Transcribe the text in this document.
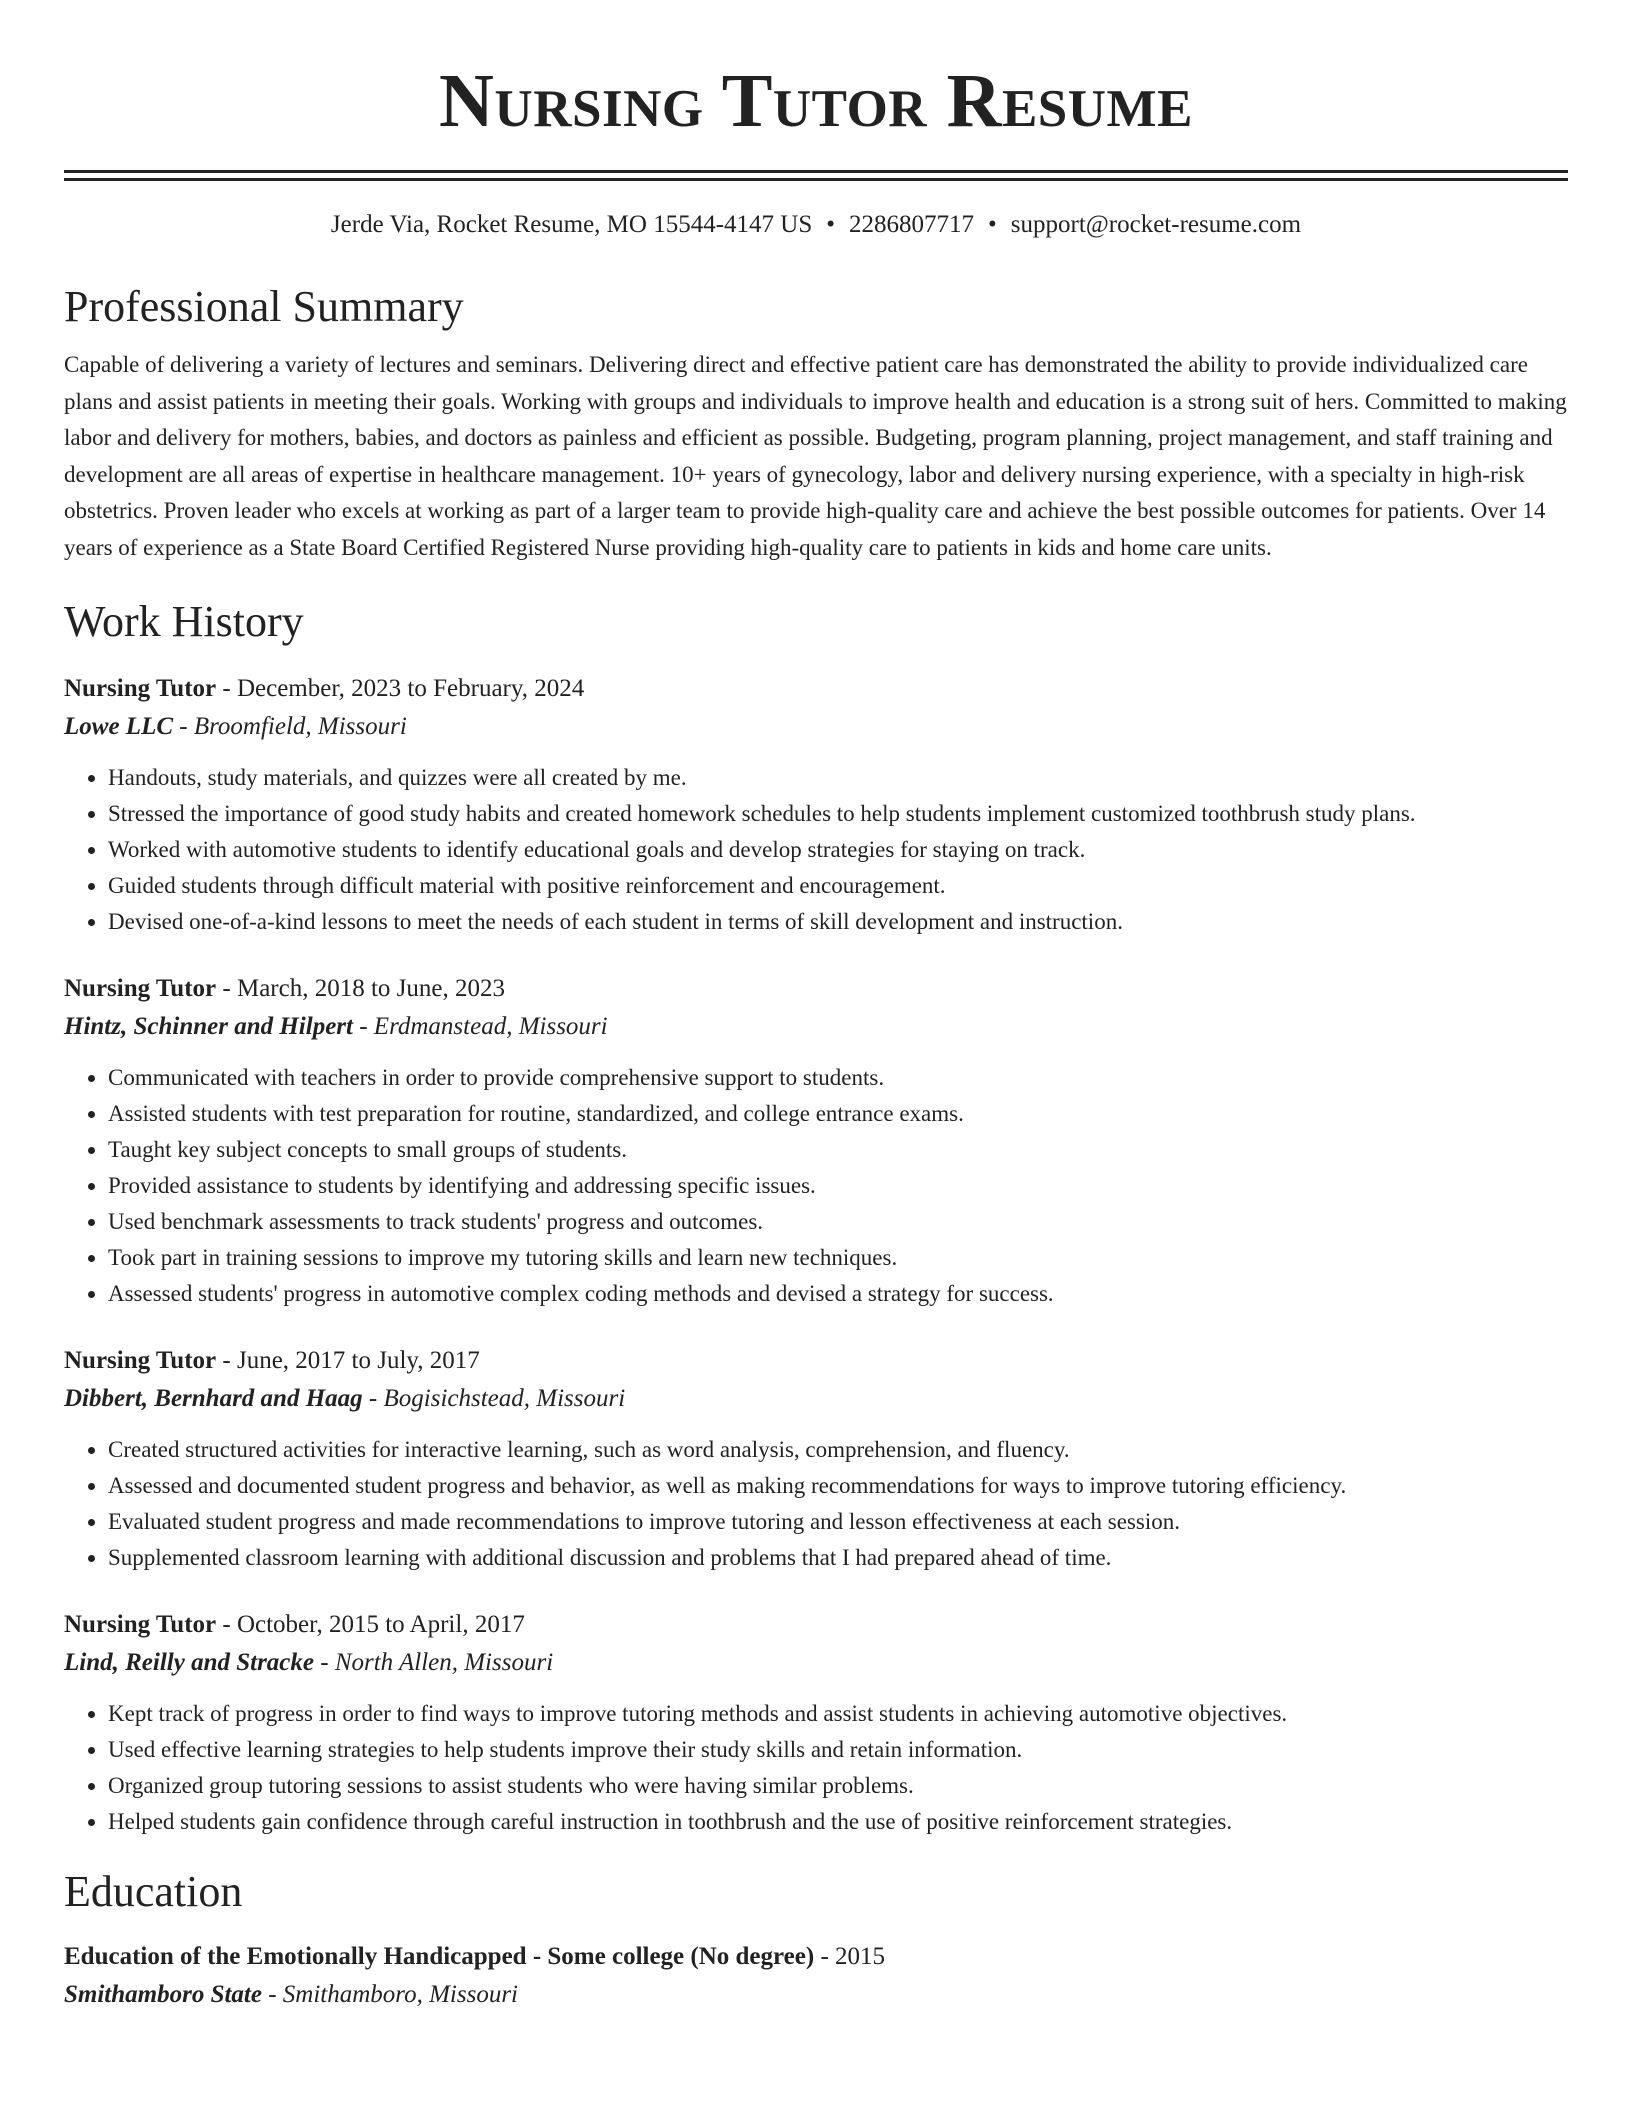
Nursing Tutor Resume
Jerde Via, Rocket Resume, MO 15544-4147 US • 2286807717 • support@rocket-resume.com
Professional Summary

Capable of delivering a variety of lectures and seminars. Delivering direct and effective patient care has demonstrated the ability to provide individualized care plans and assist patients in meeting their goals. Working with groups and individuals to improve health and education is a strong suit of hers. Committed to making labor and delivery for mothers, babies, and doctors as painless and efficient as possible. Budgeting, program planning, project management, and staff training and development are all areas of expertise in healthcare management. 10+ years of gynecology, labor and delivery nursing experience, with a specialty in high-risk obstetrics. Proven leader who excels at working as part of a larger team to provide high-quality care and achieve the best possible outcomes for patients. Over 14 years of experience as a State Board Certified Registered Nurse providing high-quality care to patients in kids and home care units.

Work History
Nursing Tutor - December, 2023 to February, 2024
Lowe LLC - Broomfield, Missouri
• Handouts, study materials, and quizzes were all created by me.
• Stressed the importance of good study habits and created homework schedules to help students implement customized toothbrush study plans.
• Worked with automotive students to identify educational goals and develop strategies for staying on track.
• Guided students through difficult material with positive reinforcement and encouragement.
• Devised one-of-a-kind lessons to meet the needs of each student in terms of skill development and instruction.
Nursing Tutor - March, 2018 to June, 2023
Hintz, Schinner and Hilpert - Erdmanstead, Missouri
• Communicated with teachers in order to provide comprehensive support to students.
• Assisted students with test preparation for routine, standardized, and college entrance exams.
• Taught key subject concepts to small groups of students.
• Provided assistance to students by identifying and addressing specific issues.
• Used benchmark assessments to track students' progress and outcomes.
• Took part in training sessions to improve my tutoring skills and learn new techniques.
• Assessed students' progress in automotive complex coding methods and devised a strategy for success.
Nursing Tutor - June, 2017 to July, 2017
Dibbert, Bernhard and Haag - Bogisichstead, Missouri
• Created structured activities for interactive learning, such as word analysis, comprehension, and fluency.
• Assessed and documented student progress and behavior, as well as making recommendations for ways to improve tutoring efficiency.
• Evaluated student progress and made recommendations to improve tutoring and lesson effectiveness at each session.
• Supplemented classroom learning with additional discussion and problems that I had prepared ahead of time.
Nursing Tutor - October, 2015 to April, 2017
Lind, Reilly and Stracke - North Allen, Missouri
• Kept track of progress in order to find ways to improve tutoring methods and assist students in achieving automotive objectives.
• Used effective learning strategies to help students improve their study skills and retain information.
• Organized group tutoring sessions to assist students who were having similar problems.
• Helped students gain confidence through careful instruction in toothbrush and the use of positive reinforcement strategies.
Education
Education of the Emotionally Handicapped - Some college (No degree) - 2015
Smithamboro State - Smithamboro, Missouri
